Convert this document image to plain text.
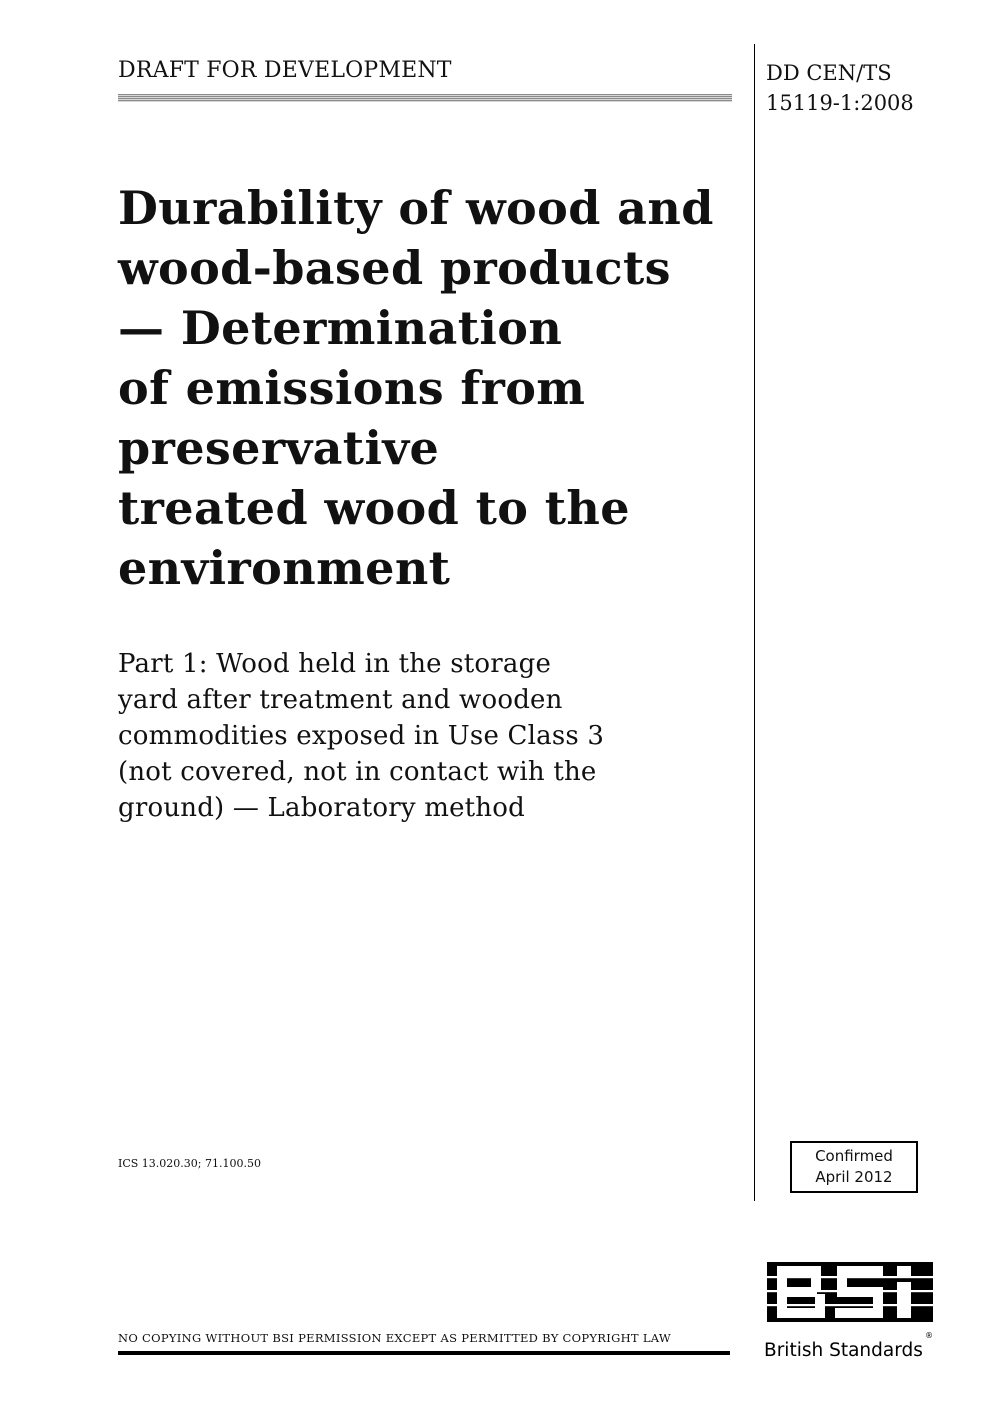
DRAFT FOR DEVELOPMENT	DD CEN/TS
15119-1:2008
Durability of wood and
wood-based products
— Determination
of emissions from
preservative
treated wood to the
environment
Part 1: Wood held in the storage
yard after treatment and wooden
commodities exposed in Use Class 3
(not covered, not in contact wih the
ground) — Laboratory method
ICS 13.020.30; 71.100.50	Confirmed
April 2012
®
British Standards
NO COPYING WITHOUT BSI PERMISSION EXCEPT AS PERMITTED BY COPYRIGHT LAW
